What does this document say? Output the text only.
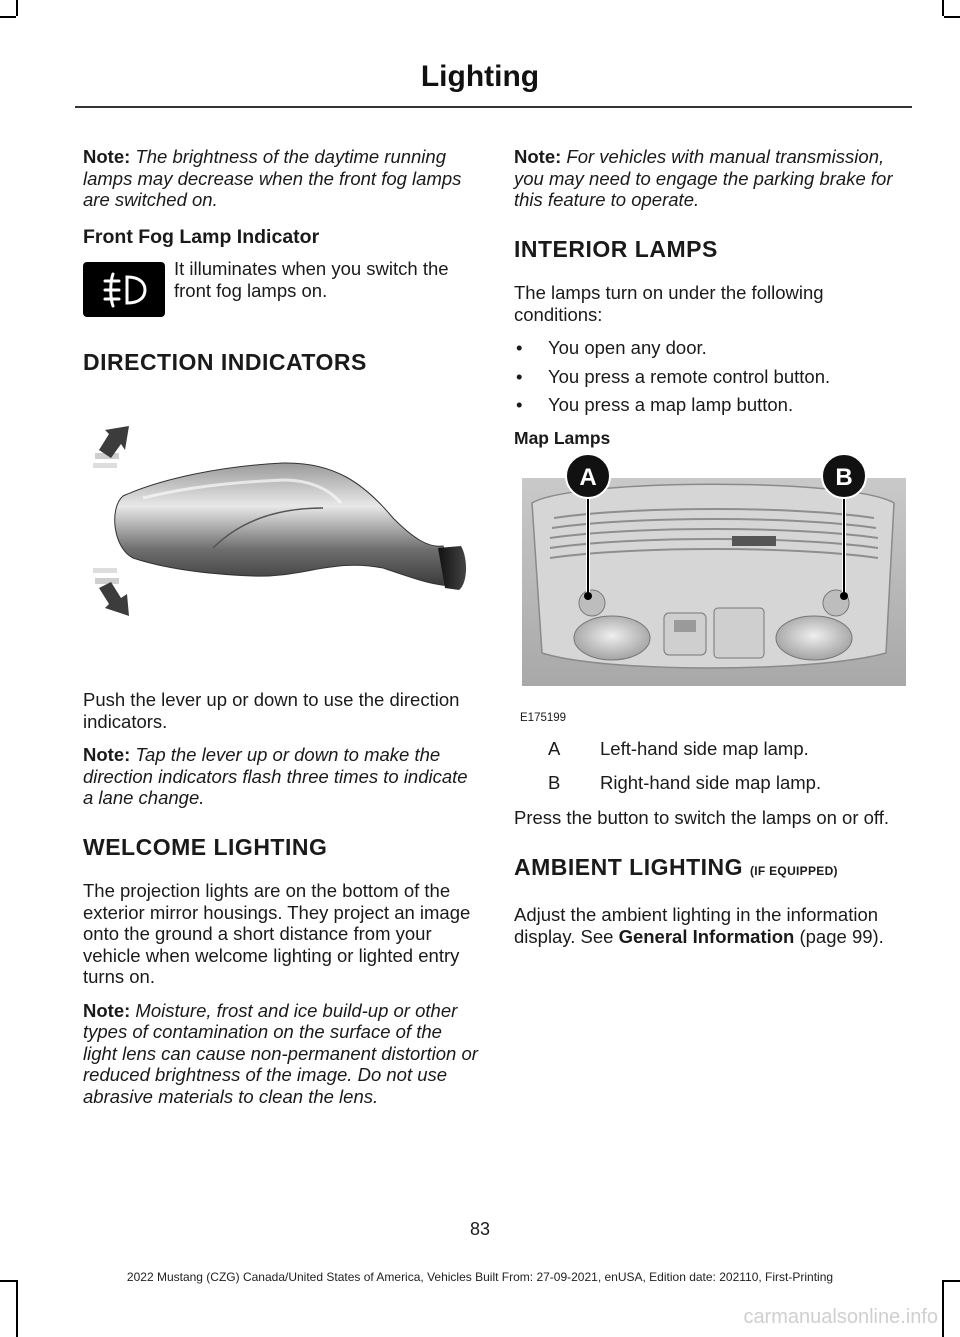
Lighting

Note: The brightness of the daytime running lamps may decrease when the front fog lamps are switched on.

Front Fog Lamp Indicator
It illuminates when you switch the front fog lamps on.
DIRECTION INDICATORS

Push the lever up or down to use the direction indicators.

Note: Tap the lever up or down to make the direction indicators flash three times to indicate a lane change.

WELCOME LIGHTING

The projection lights are on the bottom of the exterior mirror housings. They project an image onto the ground a short distance from your vehicle when welcome lighting or lighted entry turns on.

Note: Moisture, frost and ice build-up or other types of contamination on the surface of the light lens can cause non-permanent distortion or reduced brightness of the image. Do not use abrasive materials to clean the lens.

Note: For vehicles with manual transmission, you may need to engage the parking brake for this feature to operate.

INTERIOR LAMPS

The lamps turn on under the following conditions:

• You open any door.
• You press a remote control button.
• You press a map lamp button.
Map Lamps
A	B
E175199
A	Left-hand side map lamp.
B	Right-hand side map lamp.

Press the button to switch the lamps on or off.

AMBIENT LIGHTING (IF EQUIPPED)

Adjust the ambient lighting in the information display. See General Information (page 99).

83
2022 Mustang (CZG) Canada/United States of America, Vehicles Built From: 27-09-2021, enUSA, Edition date: 202110, First-Printing
carmanualsonline.info
